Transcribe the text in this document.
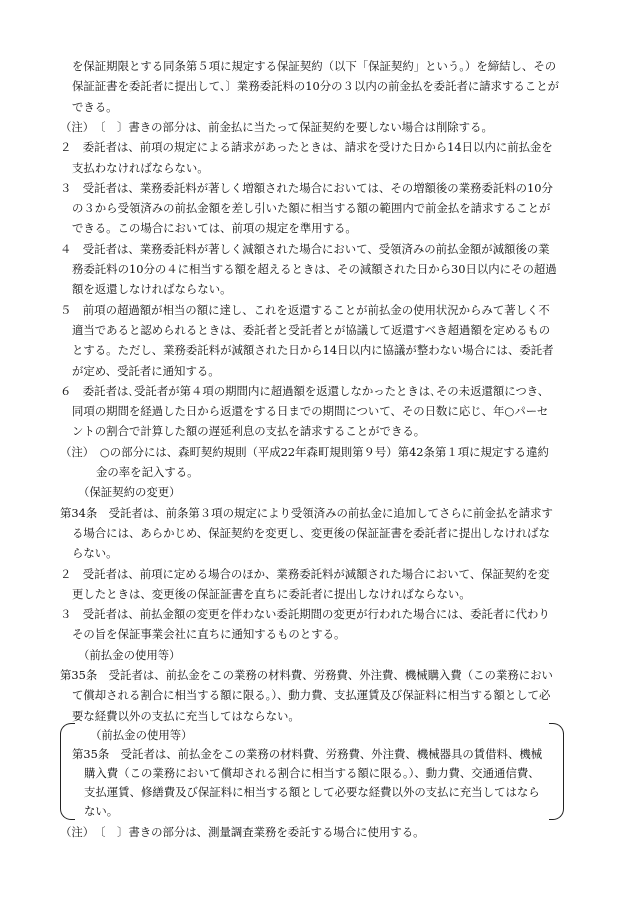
を保証期限とする同条第５項に規定する保証契約（以下「保証契約」という。）を締結し、その
保証証書を委託者に提出して、〕業務委託料の10分の３以内の前金払を委託者に請求することが
できる。
（注）　〔　〕書きの部分は、前金払に当たって保証契約を要しない場合は削除する。
２　委託者は、前項の規定による請求があったときは、請求を受けた日から14日以内に前払金を
支払わなければならない。
３　受託者は、業務委託料が著しく増額された場合においては、その増額後の業務委託料の10分
の３から受領済みの前払金額を差し引いた額に相当する額の範囲内で前金払を請求することが
できる。この場合においては、前項の規定を準用する。
４　受託者は、業務委託料が著しく減額された場合において、受領済みの前払金額が減額後の業
務委託料の10分の４に相当する額を超えるときは、その減額された日から30日以内にその超過
額を返還しなければならない。
５　前項の超過額が相当の額に達し、これを返還することが前払金の使用状況からみて著しく不
適当であると認められるときは、委託者と受託者とが協議して返還すべき超過額を定めるもの
とする。ただし、業務委託料が減額された日から14日以内に協議が整わない場合には、委託者
が定め、受託者に通知する。
６　委託者は､受託者が第４項の期間内に超過額を返還しなかったときは､その未返還額につき、
同項の期間を経過した日から返還をする日までの期間について、その日数に応じ、年○パーセ
ントの割合で計算した額の遅延利息の支払を請求することができる。
（注）　○の部分には、森町契約規則（平成22年森町規則第９号）第42条第１項に規定する違約
金の率を記入する。
（保証契約の変更）
第34条　受託者は、前条第３項の規定により受領済みの前払金に追加してさらに前金払を請求す
る場合には、あらかじめ、保証契約を変更し、変更後の保証証書を委託者に提出しなければな
らない。
２　受託者は、前項に定める場合のほか、業務委託料が減額された場合において、保証契約を変
更したときは、変更後の保証証書を直ちに委託者に提出しなければならない。
３　受託者は、前払金額の変更を伴わない委託期間の変更が行われた場合には、委託者に代わり
その旨を保証事業会社に直ちに通知するものとする。
（前払金の使用等）
第35条　受託者は、前払金をこの業務の材料費、労務費、外注費、機械購入費（この業務におい
て償却される割合に相当する額に限る。）、動力費、支払運賃及び保証料に相当する額として必
要な経費以外の支払に充当してはならない。
（前払金の使用等）
第35条　受託者は、前払金をこの業務の材料費、労務費、外注費、機械器具の賃借料、機械
購入費（この業務において償却される割合に相当する額に限る。）、動力費、交通通信費、
支払運賃、修繕費及び保証料に相当する額として必要な経費以外の支払に充当してはなら
ない。
（注）　〔　〕書きの部分は、測量調査業務を委託する場合に使用する。
